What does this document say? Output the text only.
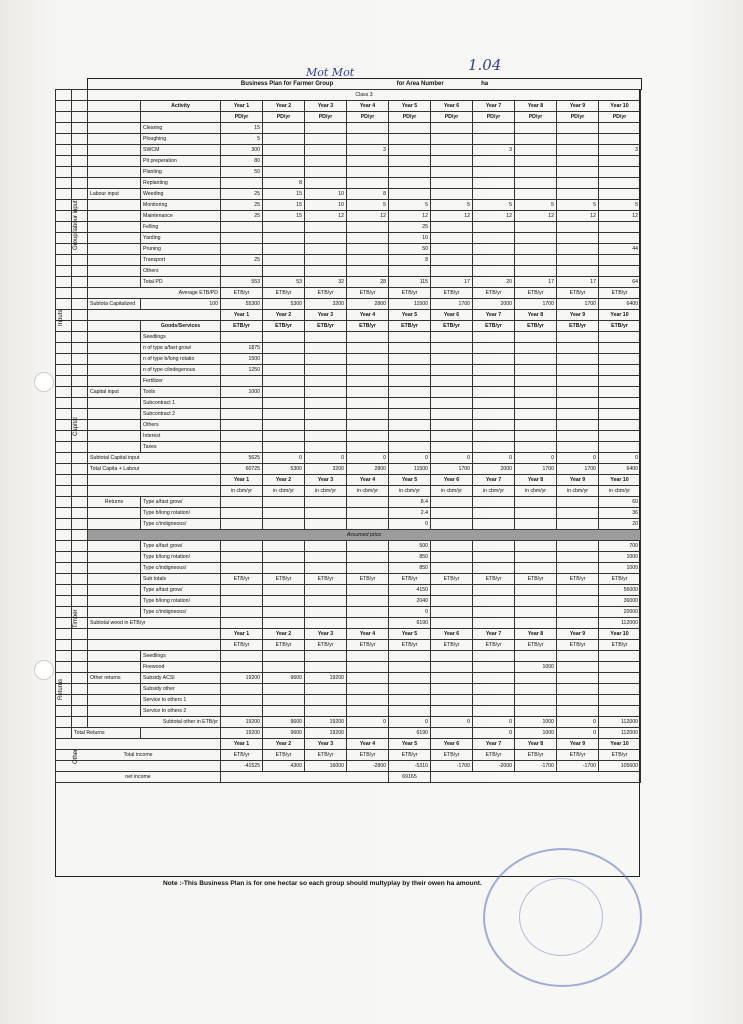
Business Plan for Farmer Group	for Area Number	ha
Mot Mot	1.04
		Class 3											
			Activity	Year 1	Year 2	Year 3	Year 4	Year 5	Year 6	Year 7	Year 8	Year 9	Year 10
				PD/yr	PD/yr	PD/yr	PD/yr	PD/yr	PD/yr	PD/yr	PD/yr	PD/yr	PD/yr
			Clearing	15									
			Ploughing	5									
			SWCM	300			3			3			3
			Pit preperation	80									
			Planting	50									
			Replanting		8								
		Labour input	Weeding	25	15	10	8						
			Monitoring	25	15	10	5	5	5	5	5	5	5
			Maintenance	25	15	12	12	12	12	12	12	12	12
			Felling					25					
			Yarding					10					
			Pruning					50					44
			Transport	25				8					
			Others										
			Total PD	553	53	32	28	115	17	20	17	17	64
		Average ETB/PD		ETB/yr	ETB/yr	ETB/yr	ETB/yr	ETB/yr	ETB/yr	ETB/yr	ETB/yr	ETB/yr	ETB/yr
		Subtota Capitalized	100	55300	5300	3200	2800	11500	1700	2000	1700	1700	6400
				Year 1	Year 2	Year 3	Year 4	Year 5	Year 6	Year 7	Year 8	Year 9	Year 10
			Goods/Services	ETB/yr	ETB/yr	ETB/yr	ETB/yr	ETB/yr	ETB/yr	ETB/yr	ETB/yr	ETB/yr	ETB/yr
			Seedlings										
			n of type a/fast grow/	1875									
			n of type b/long rotatio	1500									
			n of type c/indegenous	1250									
			Fertilizer										
		Capital input	Tools	1000									
			Subcontract 1										
			Subcontract 2										
			Others										
			Interest										
			Taxes										
		Subtotal Capital input		5625	0	0	0	0	0	0	0	0	0
		Total Capita + Labour		60725	5300	3200	2800	11500	1700	2000	1700	1700	6400
				Year 1	Year 2	Year 3	Year 4	Year 5	Year 6	Year 7	Year 8	Year 9	Year 10
				in cbm/yr	in cbm/yr	in cbm/yr	in cbm/yr	in cbm/yr	in cbm/yr	in cbm/yr	in cbm/yr	in cbm/yr	in cbm/yr
		Returns	Type a/fast grow/					8.4					60
			Type b/long rotation/					2.4					36
			Type c/indigneous/					0					20
		Assumed price											
			Type a/fast grow/					500					700
			Type b/long rotation/					850					1000
			Type c/indigneous/					850					1000
			Sub totals	ETB/yr	ETB/yr	ETB/yr	ETB/yr	ETB/yr	ETB/yr	ETB/yr	ETB/yr	ETB/yr	ETB/yr
			Type a/fast grow/					4150					56000
			Type b/long rotation/					2040					36000
			Type c/indigneous/					0					20000
		Subtotal wood in ETB/yr						6190					112000
				Year 1	Year 2	Year 3	Year 4	Year 5	Year 6	Year 7	Year 8	Year 9	Year 10
				ETB/yr	ETB/yr	ETB/yr	ETB/yr	ETB/yr	ETB/yr	ETB/yr	ETB/yr	ETB/yr	ETB/yr
			Seedlings										
			Firewood								1000		
		Other returns	Subsidy ACSI	19200	9600	19200							
			Subsidy other										
			Service to others 1										
			Service to others 2										
		Subtotal other in ETB/yr		19200	9600	19200	0	0	0	0	1000	0	112000
	Total Returns			19200	9600	19200		6190		0	1000	0	112000
				Year 1	Year 2	Year 3	Year 4	Year 5	Year 6	Year 7	Year 8	Year 9	Year 10
Total income				ETB/yr	ETB/yr	ETB/yr	ETB/yr	ETB/yr	ETB/yr	ETB/yr	ETB/yr	ETB/yr	ETB/yr
				-41525	4300	16000	-2800	-5310	-1700	-2000	-1700	-1700	105600
net income								69165					
Inputs
Group labour input
Capital
Returns
Timber
Other
Note :-This Business Plan is for one hectar so each group should multyplay by their owen ha amount.
